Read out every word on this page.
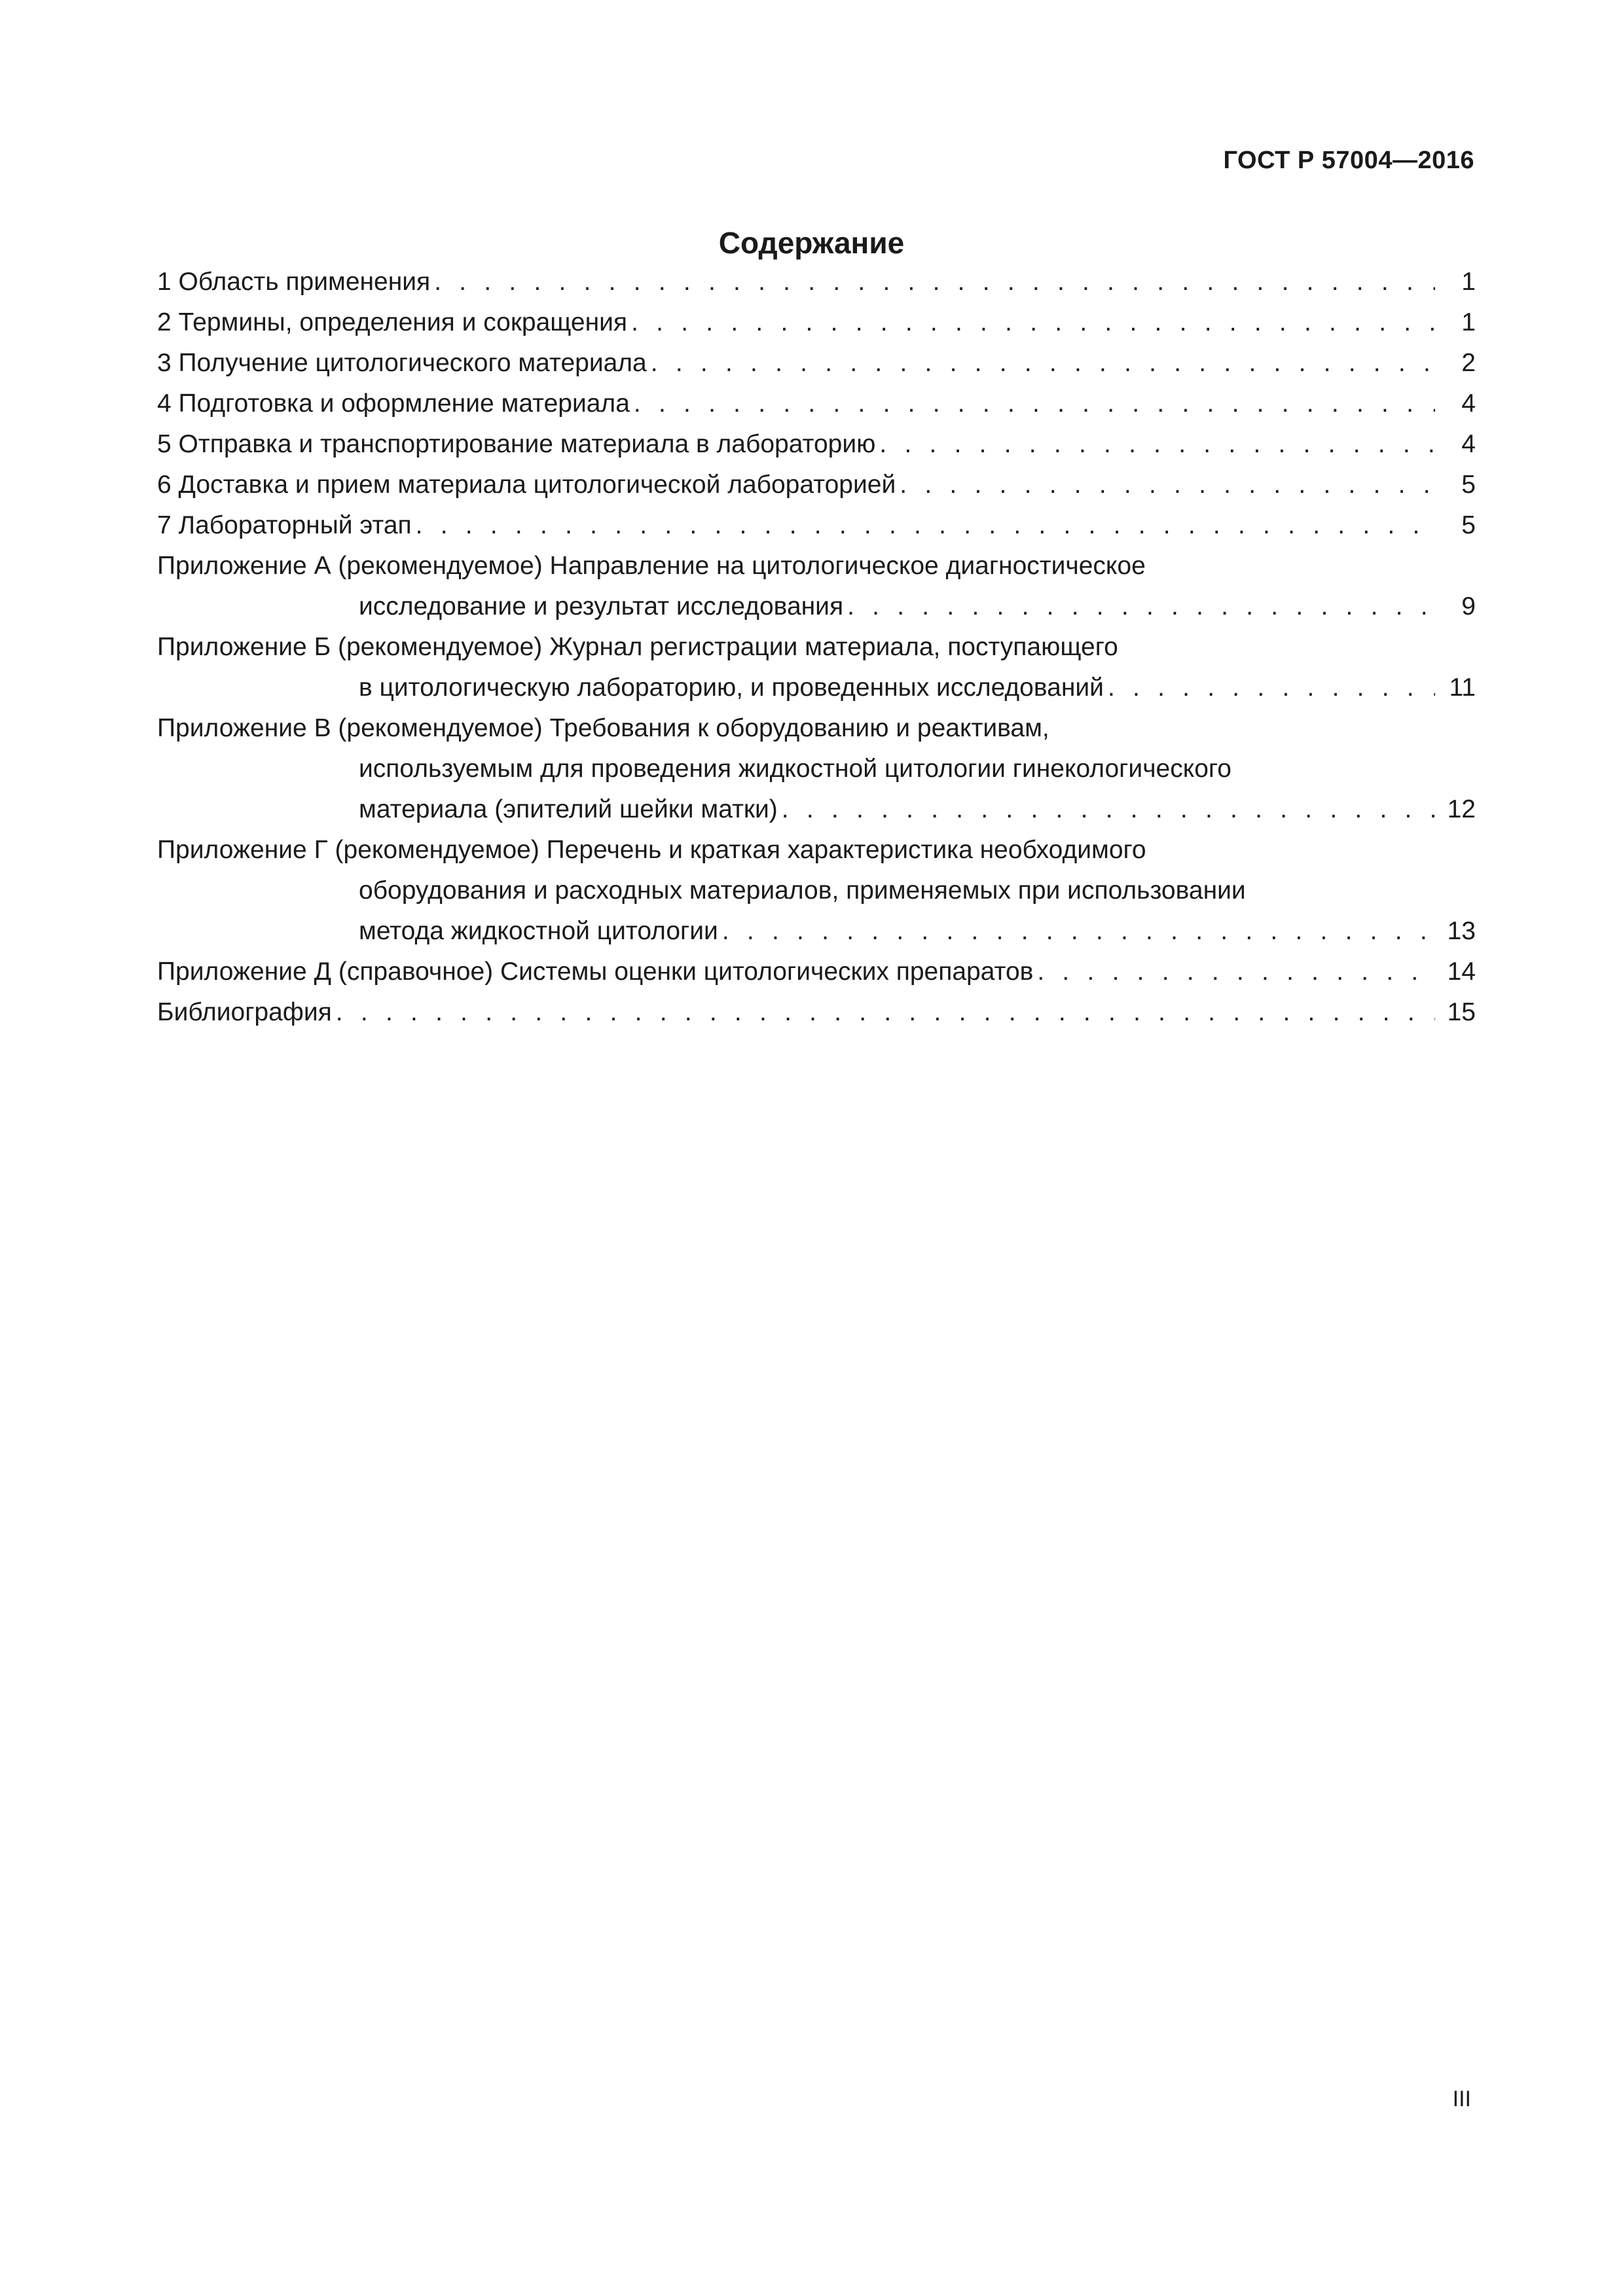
ГОСТ Р 57004—2016
Содержание
1 Область применения . . .	1
2 Термины, определения и сокращения . . .	1
3 Получение цитологического материала . . .	2
4 Подготовка и оформление материала . . .	4
5 Отправка и транспортирование материала в лабораторию . . .	4
6 Доставка и прием материала цитологической лабораторией . . .	5
7 Лабораторный этап . . .	5
Приложение А (рекомендуемое) Направление на цитологическое диагностическое
исследование и результат исследования . . .	9
Приложение Б (рекомендуемое) Журнал регистрации материала, поступающего
в цитологическую лабораторию, и проведенных исследований . . .	11
Приложение В (рекомендуемое) Требования к оборудованию и реактивам,
используемым для проведения жидкостной цитологии гинекологического
материала (эпителий шейки матки) . . .	12
Приложение Г (рекомендуемое) Перечень и краткая характеристика необходимого
оборудования и расходных материалов, применяемых при использовании
метода жидкостной цитологии . . .	13
Приложение Д (справочное) Системы оценки цитологических препаратов . . .	14
Библиография . . .	15
III
